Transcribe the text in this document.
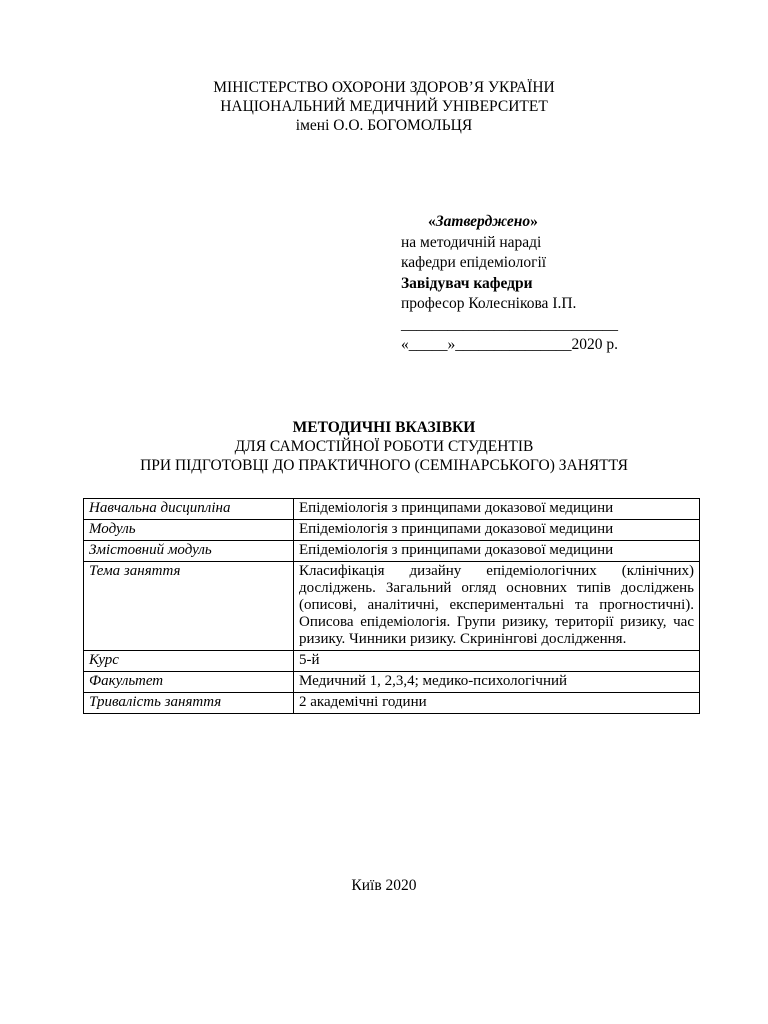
МІНІСТЕРСТВО ОХОРОНИ ЗДОРОВ’Я УКРАЇНИ
НАЦІОНАЛЬНИЙ МЕДИЧНИЙ УНІВЕРСИТЕТ
імені О.О. БОГОМОЛЬЦЯ
«Затверджено»
на методичній нараді
кафедри епідеміології
Завідувач кафедри
професор Колеснікова І.П.
____________________________
«_____»_______________2020 р.
МЕТОДИЧНІ ВКАЗІВКИ
ДЛЯ САМОСТІЙНОЇ РОБОТИ СТУДЕНТІВ
ПРИ ПІДГОТОВЦІ ДО ПРАКТИЧНОГО (СЕМІНАРСЬКОГО) ЗАНЯТТЯ
Навчальна дисципліна	Епідеміологія з принципами доказової медицини
Модуль	Епідеміологія з принципами доказової медицини
Змістовний модуль	Епідеміологія з принципами доказової медицини
Тема заняття	Класифікація дизайну епідеміологічних (клінічних) досліджень. Загальний огляд основних типів досліджень (описові, аналітичні, експериментальні та прогностичні). Описова епідеміологія. Групи ризику, території ризику, час ризику. Чинники ризику. Скринінгові дослідження.
Курс	5-й
Факультет	Медичний 1, 2,3,4; медико-психологічний
Тривалість заняття	2 академічні години
Київ 2020
